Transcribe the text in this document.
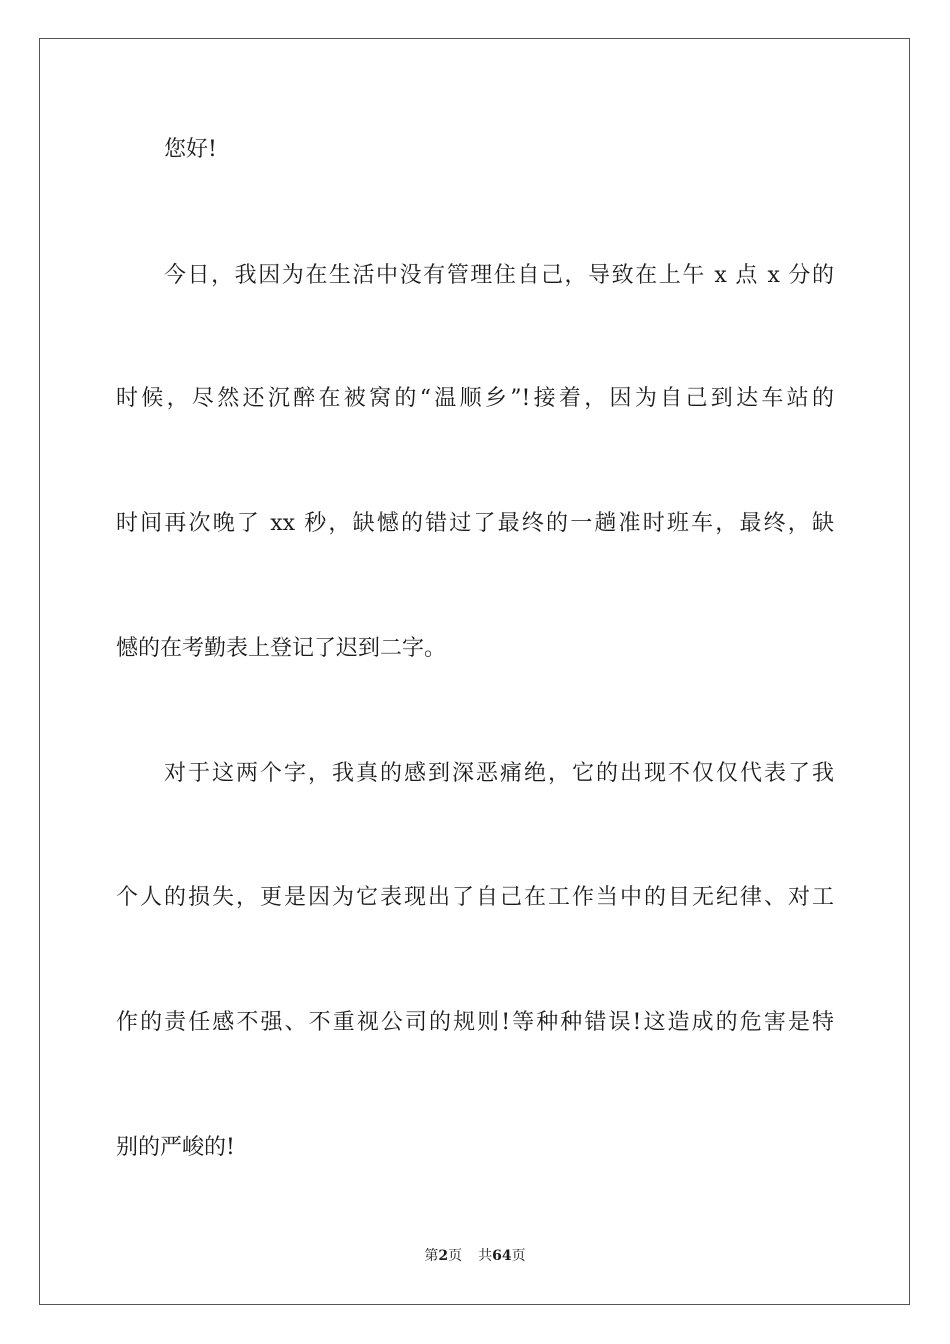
您好!

今日，我因为在生活中没有管理住自己，导致在上午 x 点 x 分的

时候，尽然还沉醉在被窝的“温顺乡”!接着，因为自己到达车站的

时间再次晚了 xx 秒，缺憾的错过了最终的一趟准时班车，最终，缺

憾的在考勤表上登记了迟到二字。

对于这两个字，我真的感到深恶痛绝，它的出现不仅仅代表了我

个人的损失，更是因为它表现出了自己在工作当中的目无纪律、对工

作的责任感不强、不重视公司的规则!等种种错误!这造成的危害是特

别的严峻的!

第2页 共64页
